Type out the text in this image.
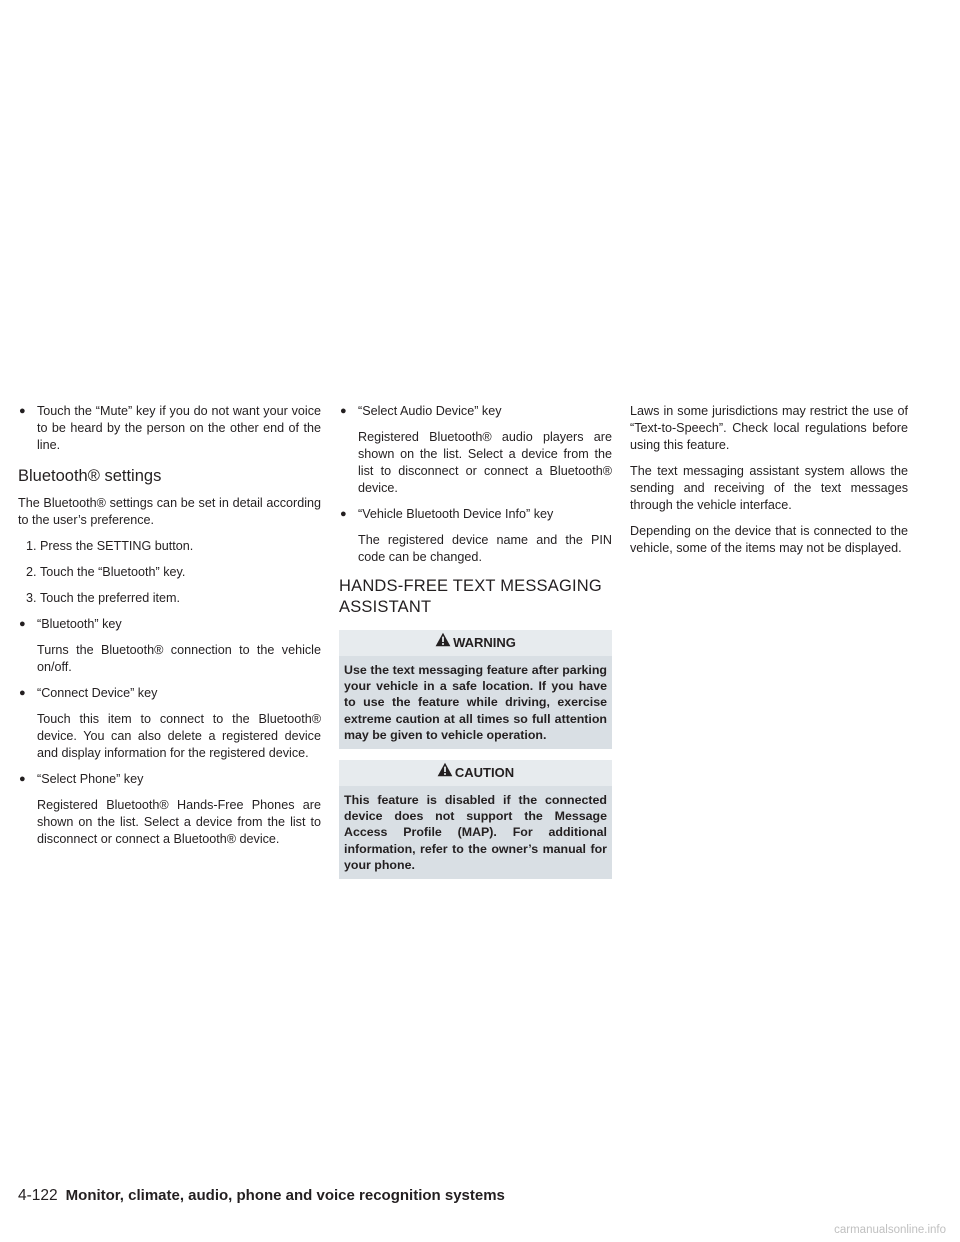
● Touch the “Mute” key if you do not want your voice to be heard by the person on the other end of the line.
Bluetooth® settings

The Bluetooth® settings can be set in detail according to the user’s preference.

1. Press the SETTING button.
2. Touch the “Bluetooth” key.
3. Touch the preferred item.
● “Bluetooth” key
Turns the Bluetooth® connection to the vehicle on/off.
● “Connect Device” key
Touch this item to connect to the Bluetooth® device. You can also delete a registered device and display information for the registered device.
● “Select Phone” key
Registered Bluetooth® Hands-Free Phones are shown on the list. Select a device from the list to disconnect or connect a Bluetooth® device.
● “Select Audio Device” key
Registered Bluetooth® audio players are shown on the list. Select a device from the list to disconnect or connect a Bluetooth® device.
● “Vehicle Bluetooth Device Info” key
The registered device name and the PIN code can be changed.
HANDS-FREE TEXT MESSAGING
ASSISTANT
WARNING
Use the text messaging feature after parking your vehicle in a safe location. If you have to use the feature while driving, exercise extreme caution at all times so full attention may be given to vehicle operation.
CAUTION
This feature is disabled if the connected device does not support the Message Access Profile (MAP). For additional information, refer to the owner’s manual for your phone.

Laws in some jurisdictions may restrict the use of “Text-to-Speech”. Check local regulations before using this feature.

The text messaging assistant system allows the sending and receiving of the text messages through the vehicle interface.

Depending on the device that is connected to the vehicle, some of the items may not be displayed.

4-122 Monitor, climate, audio, phone and voice recognition systems
carmanualsonline.info
